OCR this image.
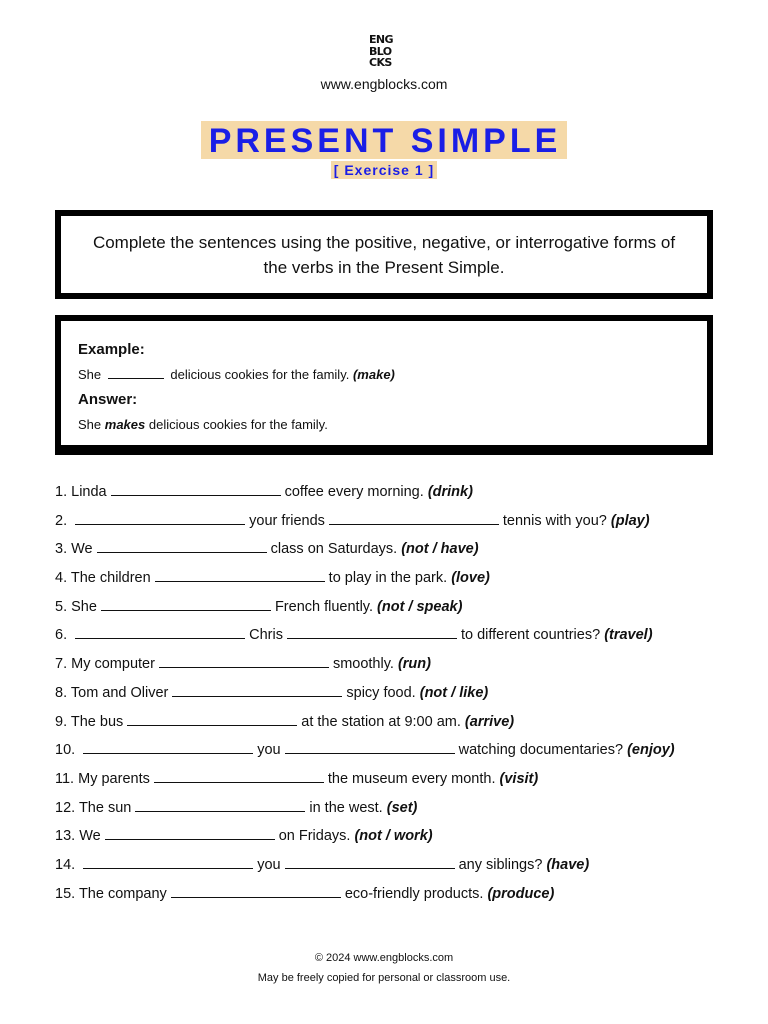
ENG
BLO
CKS
www.engblocks.com
PRESENT SIMPLE
[ Exercise 1 ]

Complete the sentences using the positive, negative, or interrogative forms of the verbs in the Present Simple.

Example:
She	delicious cookies for the family. (make)
Answer:
She makes delicious cookies for the family.
1. Linda	coffee every morning. (drink)
2.	your friends	tennis with you? (play)
3. We	class on Saturdays. (not / have)
4. The children	to play in the park. (love)
5. She	French fluently. (not / speak)
6.	Chris	to different countries? (travel)
7. My computer	smoothly. (run)
8. Tom and Oliver	spicy food. (not / like)
9. The bus	at the station at 9:00 am. (arrive)
10.	you	watching documentaries? (enjoy)
11. My parents	the museum every month. (visit)
12. The sun	in the west. (set)
13. We	on Fridays. (not / work)
14.	you	any siblings? (have)
15. The company	eco-friendly products. (produce)
© 2024 www.engblocks.com
May be freely copied for personal or classroom use.
